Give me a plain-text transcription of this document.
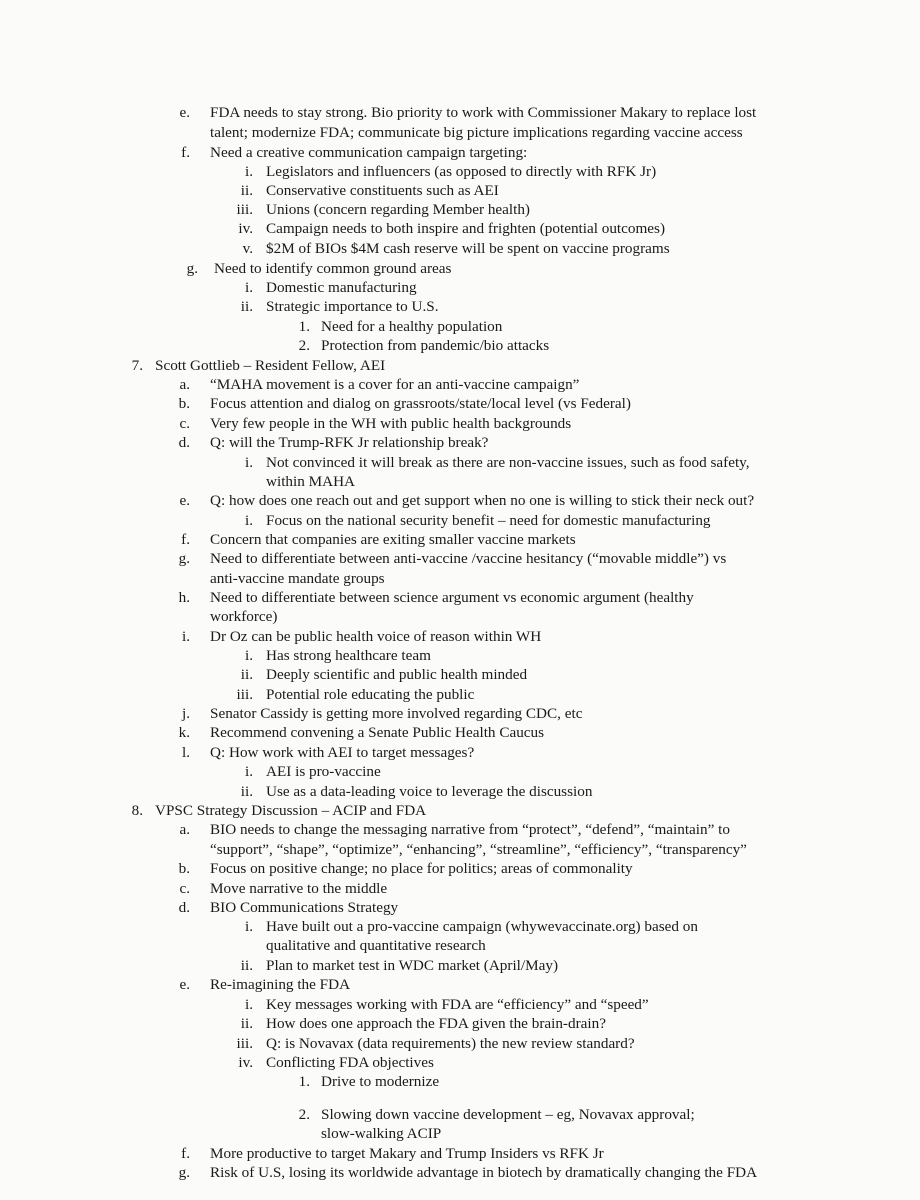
e. FDA needs to stay strong. Bio priority to work with Commissioner Makary to replace lost
talent; modernize FDA; communicate big picture implications regarding vaccine access
f. Need a creative communication campaign targeting:
i. Legislators and influencers (as opposed to directly with RFK Jr)
ii. Conservative constituents such as AEI
iii. Unions (concern regarding Member health)
iv. Campaign needs to both inspire and frighten (potential outcomes)
v. $2M of BIOs $4M cash reserve will be spent on vaccine programs
g. Need to identify common ground areas
i. Domestic manufacturing
ii. Strategic importance to U.S.
1. Need for a healthy population
2. Protection from pandemic/bio attacks
7. Scott Gottlieb – Resident Fellow, AEI
a. “MAHA movement is a cover for an anti-vaccine campaign”
b. Focus attention and dialog on grassroots/state/local level (vs Federal)
c. Very few people in the WH with public health backgrounds
d. Q: will the Trump-RFK Jr relationship break?
i. Not convinced it will break as there are non-vaccine issues, such as food safety,
within MAHA
e. Q: how does one reach out and get support when no one is willing to stick their neck out?
i. Focus on the national security benefit – need for domestic manufacturing
f. Concern that companies are exiting smaller vaccine markets
g. Need to differentiate between anti-vaccine /vaccine hesitancy (“movable middle”) vs
anti-vaccine mandate groups
h. Need to differentiate between science argument vs economic argument (healthy
workforce)
i. Dr Oz can be public health voice of reason within WH
i. Has strong healthcare team
ii. Deeply scientific and public health minded
iii. Potential role educating the public
j. Senator Cassidy is getting more involved regarding CDC, etc
k. Recommend convening a Senate Public Health Caucus
l. Q: How work with AEI to target messages?
i. AEI is pro-vaccine
ii. Use as a data-leading voice to leverage the discussion
8. VPSC Strategy Discussion – ACIP and FDA
a. BIO needs to change the messaging narrative from “protect”, “defend”, “maintain” to
“support”, “shape”, “optimize”, “enhancing”, “streamline”, “efficiency”, “transparency”
b. Focus on positive change; no place for politics; areas of commonality
c. Move narrative to the middle
d. BIO Communications Strategy
i. Have built out a pro-vaccine campaign (whywevaccinate.org) based on
qualitative and quantitative research
ii. Plan to market test in WDC market (April/May)
e. Re-imagining the FDA
i. Key messages working with FDA are “efficiency” and “speed”
ii. How does one approach the FDA given the brain-drain?
iii. Q: is Novavax (data requirements) the new review standard?
iv. Conflicting FDA objectives
1. Drive to modernize
2. Slowing down vaccine development – eg, Novavax approval;
slow-walking ACIP
f. More productive to target Makary and Trump Insiders vs RFK Jr
g. Risk of U.S, losing its worldwide advantage in biotech by dramatically changing the FDA
